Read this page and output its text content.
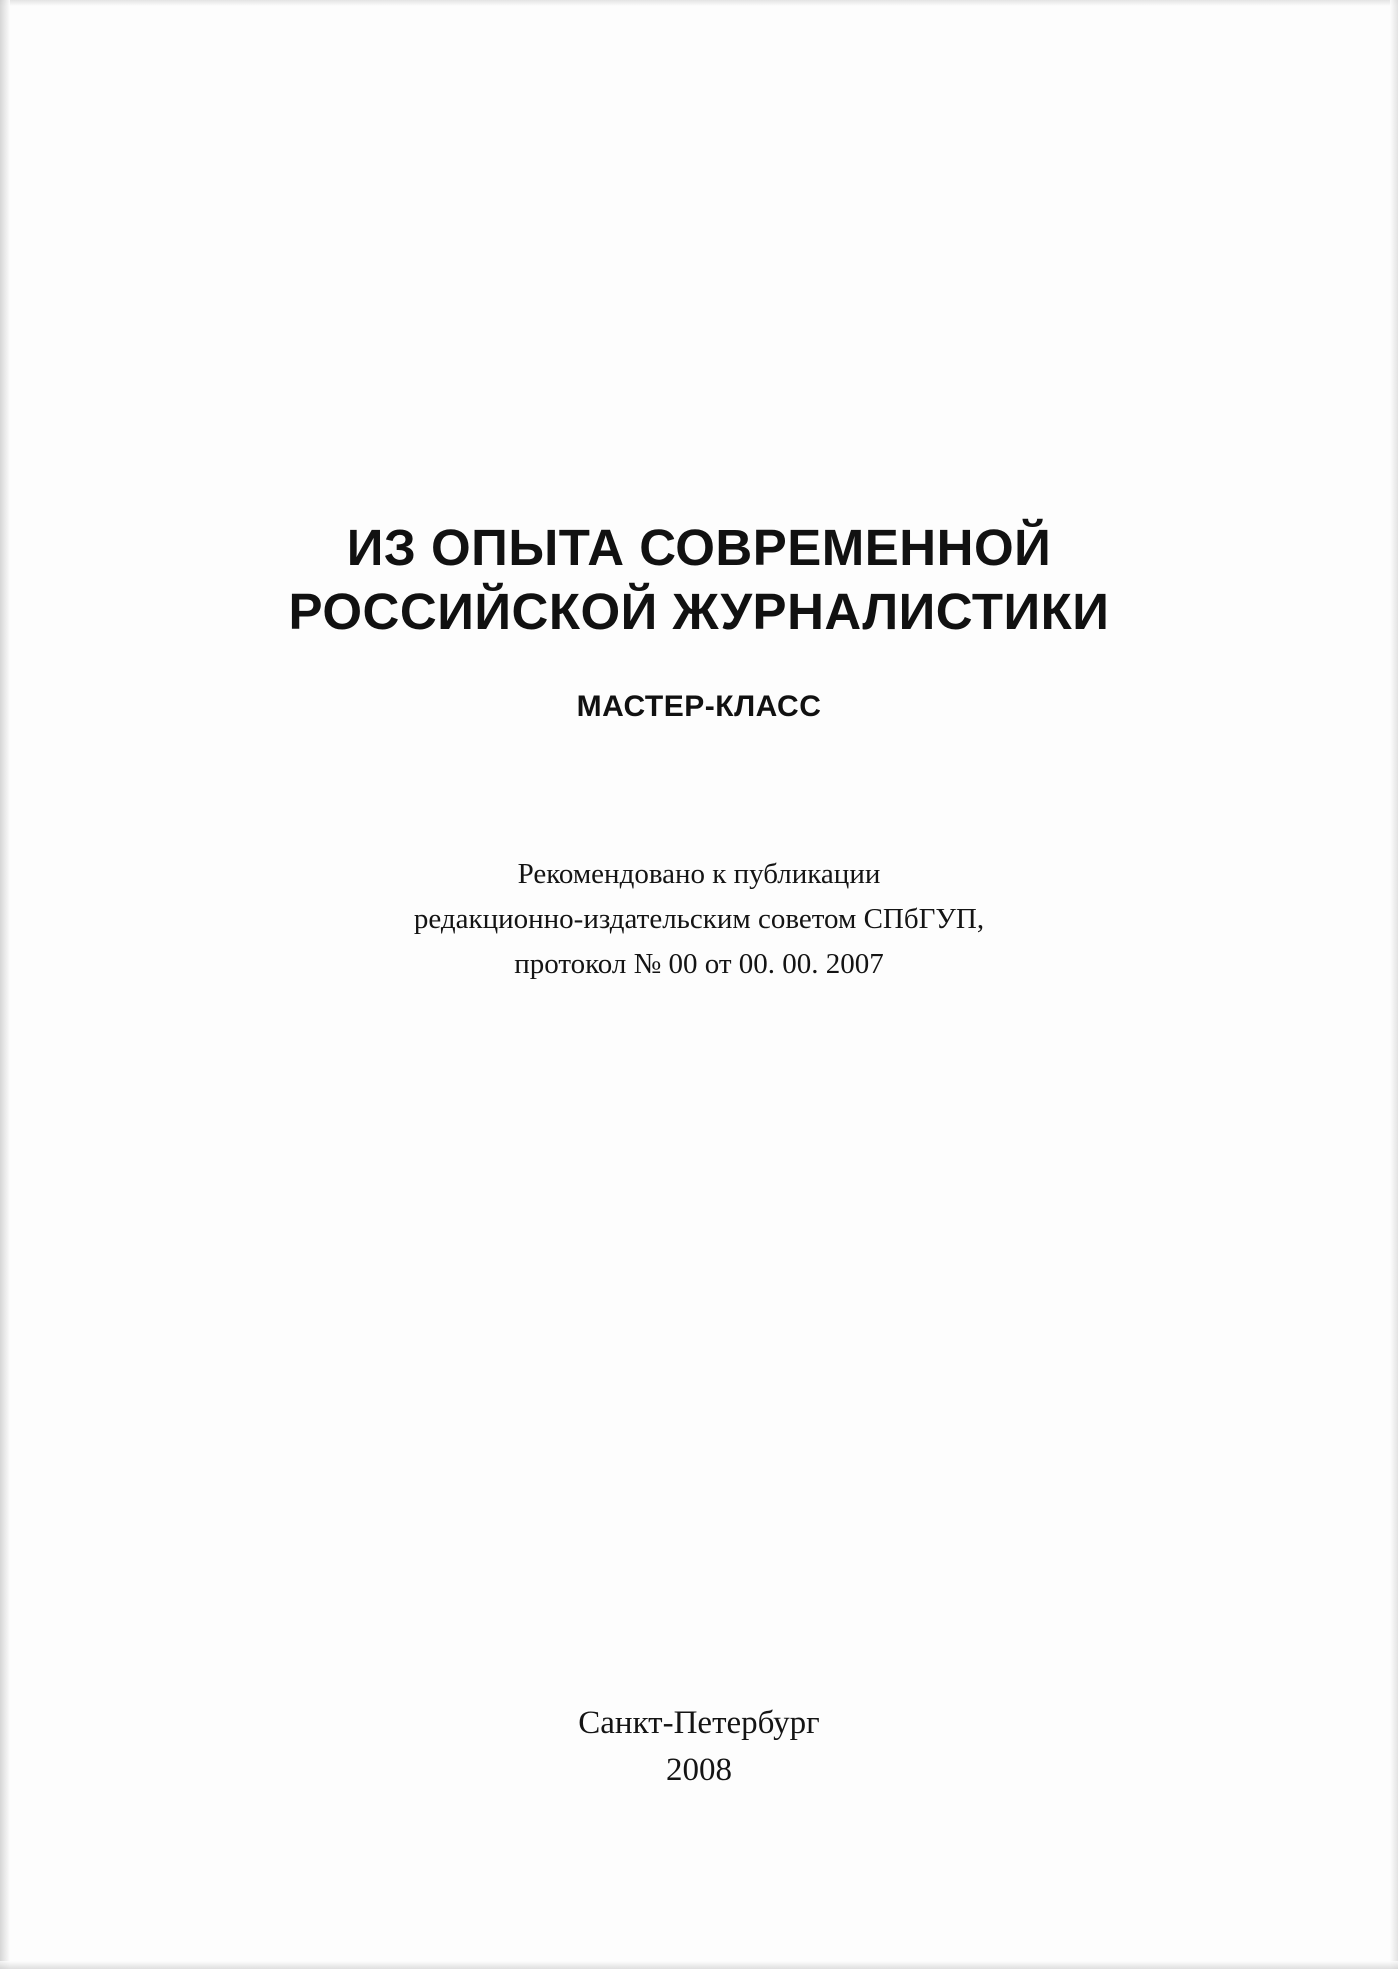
ИЗ ОПЫТА СОВРЕМЕННОЙ
РОССИЙСКОЙ ЖУРНАЛИСТИКИ
МАСТЕР-КЛАСС
Рекомендовано к публикации
редакционно-издательским советом СПбГУП,
протокол № 00 от 00. 00. 2007
Санкт-Петербург
2008
